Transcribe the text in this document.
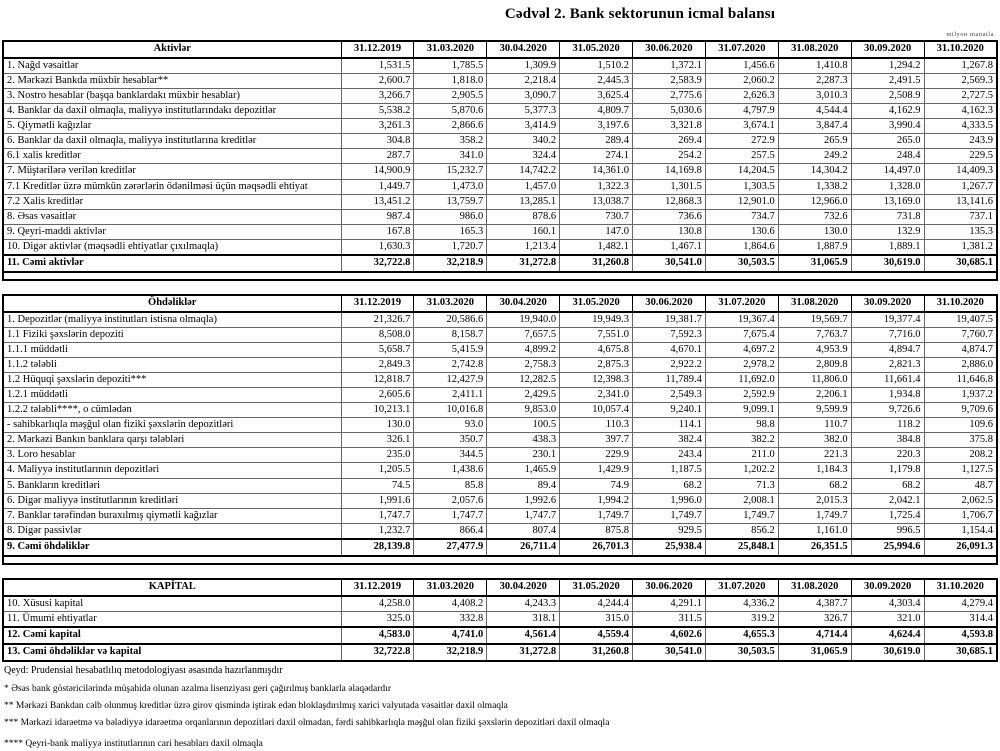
Cədvəl 2. Bank sektorunun icmal balansı
milyon manatla
Aktivlər	31.12.2019	31.03.2020	30.04.2020	31.05.2020	30.06.2020	31.07.2020	31.08.2020	30.09.2020	31.10.2020
1. Nağd vəsaitlər	1,531.5	1,785.5	1,309.9	1,510.2	1,372.1	1,456.6	1,410.8	1,294.2	1,267.8
2. Mərkəzi Bankda müxbir hesablar**	2,600.7	1,818.0	2,218.4	2,445.3	2,583.9	2,060.2	2,287.3	2,491.5	2,569.3
3. Nostro hesablar (başqa banklardakı müxbir hesablar)	3,266.7	2,905.5	3,090.7	3,625.4	2,775.6	2,626.3	3,010.3	2,508.9	2,727.5
4. Banklar da daxil olmaqla, maliyyə institutlarındakı depozitlər	5,538.2	5,870.6	5,377.3	4,809.7	5,030.6	4,797.9	4,544.4	4,162.9	4,162.3
5. Qiymətli kağızlar	3,261.3	2,866.6	3,414.9	3,197.6	3,321.8	3,674.1	3,847.4	3,990.4	4,333.5
6. Banklar da daxil olmaqla, maliyyə institutlarına kreditlər	304.8	358.2	340.2	289.4	269.4	272.9	265.9	265.0	243.9
6.1 xalis kreditlər	287.7	341.0	324.4	274.1	254.2	257.5	249.2	248.4	229.5
7. Müştərilərə verilən kreditlər	14,900.9	15,232.7	14,742.2	14,361.0	14,169.8	14,204.5	14,304.2	14,497.0	14,409.3
7.1 Kreditlər üzrə mümkün zərərlərin ödənilməsi üçün məqsədli ehtiyat	1,449.7	1,473.0	1,457.0	1,322.3	1,301.5	1,303.5	1,338.2	1,328.0	1,267.7
7.2 Xalis kreditlər	13,451.2	13,759.7	13,285.1	13,038.7	12,868.3	12,901.0	12,966.0	13,169.0	13,141.6
8. Əsas vəsaitlər	987.4	986.0	878.6	730.7	736.6	734.7	732.6	731.8	737.1
9. Qeyri-maddi aktivlər	167.8	165.3	160.1	147.0	130.8	130.6	130.0	132.9	135.3
10. Digər aktivlər (məqsədli ehtiyatlar çıxılmaqla)	1,630.3	1,720.7	1,213.4	1,482.1	1,467.1	1,864.6	1,887.9	1,889.1	1,381.2
11. Cəmi aktivlər	32,722.8	32,218.9	31,272.8	31,260.8	30,541.0	30,503.5	31,065.9	30,619.0	30,685.1

Öhdəliklər	31.12.2019	31.03.2020	30.04.2020	31.05.2020	30.06.2020	31.07.2020	31.08.2020	30.09.2020	31.10.2020
1. Depozitlər (maliyyə institutları istisna olmaqla)	21,326.7	20,586.6	19,940.0	19,949.3	19,381.7	19,367.4	19,569.7	19,377.4	19,407.5
1.1 Fiziki şəxslərin depoziti	8,508.0	8,158.7	7,657.5	7,551.0	7,592.3	7,675.4	7,763.7	7,716.0	7,760.7
1.1.1 müddətli	5,658.7	5,415.9	4,899.2	4,675.8	4,670.1	4,697.2	4,953.9	4,894.7	4,874.7
1.1.2 tələbli	2,849.3	2,742.8	2,758.3	2,875.3	2,922.2	2,978.2	2,809.8	2,821.3	2,886.0
1.2 Hüquqi şəxslərin depoziti***	12,818.7	12,427.9	12,282.5	12,398.3	11,789.4	11,692.0	11,806.0	11,661.4	11,646.8
1.2.1 müddətli	2,605.6	2,411.1	2,429.5	2,341.0	2,549.3	2,592.9	2,206.1	1,934.8	1,937.2
1.2.2 tələbli****, o cümlədən	10,213.1	10,016.8	9,853.0	10,057.4	9,240.1	9,099.1	9,599.9	9,726.6	9,709.6
- sahibkarlıqla məşğul olan fiziki şəxslərin depozitləri	130.0	93.0	100.5	110.3	114.1	98.8	110.7	118.2	109.6
2. Mərkəzi Bankın banklara qarşı tələbləri	326.1	350.7	438.3	397.7	382.4	382.2	382.0	384.8	375.8
3. Loro hesablar	235.0	344.5	230.1	229.9	243.4	211.0	221.3	220.3	208.2
4. Maliyyə institutlarının depozitləri	1,205.5	1,438.6	1,465.9	1,429.9	1,187.5	1,202.2	1,184.3	1,179.8	1,127.5
5. Bankların kreditləri	74.5	85.8	89.4	74.9	68.2	71.3	68.2	68.2	48.7
6. Digər maliyyə institutlarının kreditləri	1,991.6	2,057.6	1,992.6	1,994.2	1,996.0	2,008.1	2,015.3	2,042.1	2,062.5
7. Banklar tərəfindən buraxılmış qiymətli kağızlar	1,747.7	1,747.7	1,747.7	1,749.7	1,749.7	1,749.7	1,749.7	1,725.4	1,706.7
8. Digər passivlər	1,232.7	866.4	807.4	875.8	929.5	856.2	1,161.0	996.5	1,154.4
9. Cəmi öhdəliklər	28,139.8	27,477.9	26,711.4	26,701.3	25,938.4	25,848.1	26,351.5	25,994.6	26,091.3

KAPİTAL	31.12.2019	31.03.2020	30.04.2020	31.05.2020	30.06.2020	31.07.2020	31.08.2020	30.09.2020	31.10.2020
10. Xüsusi kapital	4,258.0	4,408.2	4,243.3	4,244.4	4,291.1	4,336.2	4,387.7	4,303.4	4,279.4
11. Ümumi ehtiyatlar	325.0	332.8	318.1	315.0	311.5	319.2	326.7	321.0	314.4
12. Cəmi kapital	4,583.0	4,741.0	4,561.4	4,559.4	4,602.6	4,655.3	4,714.4	4,624.4	4,593.8
13. Cəmi öhdəliklər və kapital	32,722.8	32,218.9	31,272.8	31,260.8	30,541.0	30,503.5	31,065.9	30,619.0	30,685.1
Qeyd: Prudensial hesabatlılıq metodologiyası əsasında hazırlanmışdır
* Əsas bank göstəricilərində müşahidə olunan azalma lisenziyası geri çağırılmış banklarla əlaqədardır
** Mərkəzi Bankdan cəlb olunmuş kreditlər üzrə girov qismində iştirak edən bloklaşdırılmış xarici valyutada vəsaitlər daxil olmaqla
*** Mərkəzi idarəetmə və bələdiyyə idarəetmə orqanlarının depozitləri daxil olmadan, fərdi sahibkarlıqla məşğul olan fiziki şəxslərin depozitləri daxil olmaqla
**** Qeyri-bank maliyyə institutlarının cari hesabları daxil olmaqla
